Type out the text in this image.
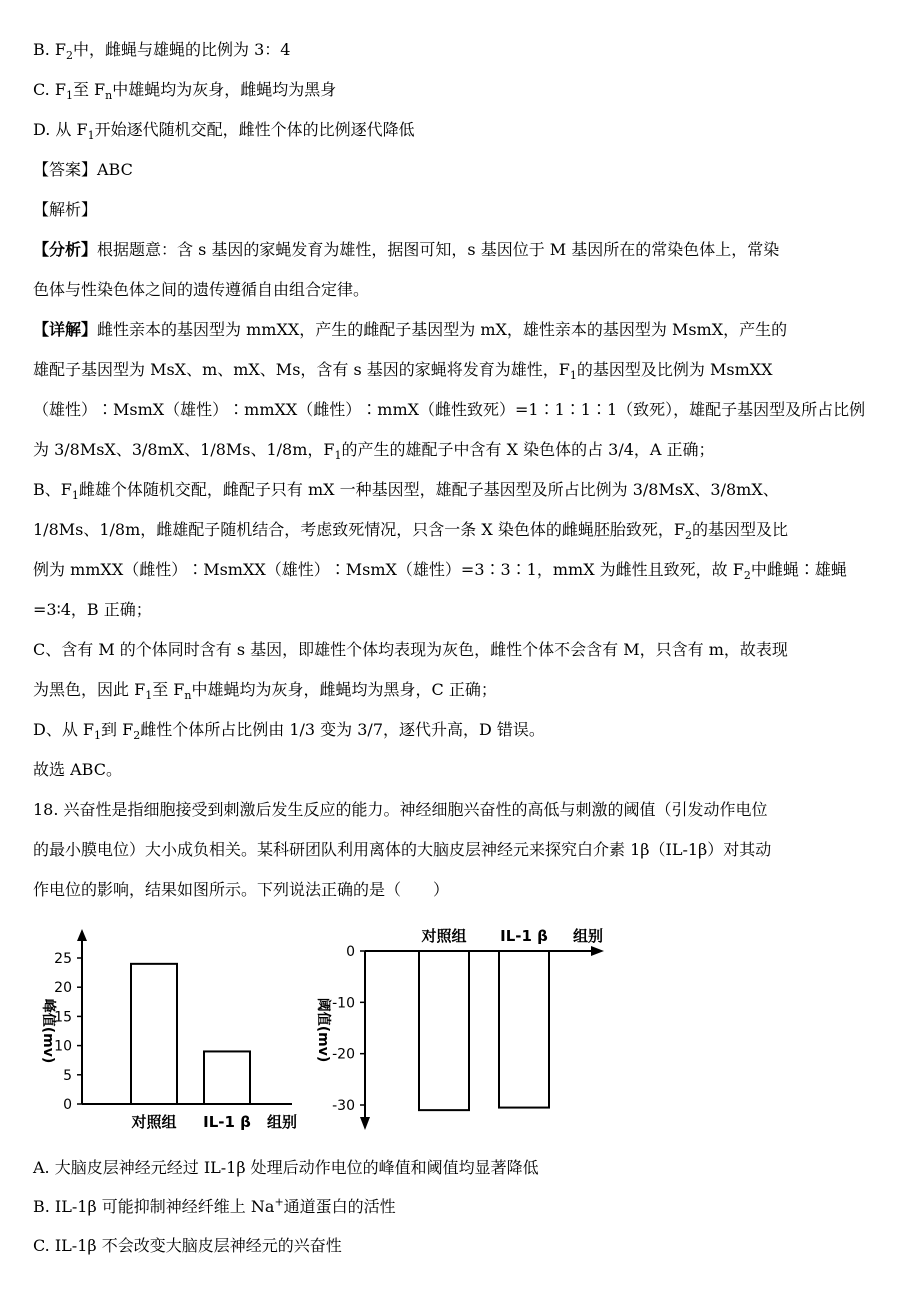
B. $F_2$中，雌蝇与雄蝇的比例为 3：4
C. $F_1$至 $F_n$中雄蝇均为灰身，雌蝇均为黑身
D. 从 $F_1$开始逐代随机交配，雌性个体的比例逐代降低
【答案】ABC
【解析】
【分析】根据题意：含 s 基因的家蝇发育为雄性，据图可知，s 基因位于 M 基因所在的常染色体上，常染
色体与性染色体之间的遗传遵循自由组合定律。
【详解】雌性亲本的基因型为 mmXX，产生的雌配子基因型为 mX，雄性亲本的基因型为 MsmX，产生的
雄配子基因型为 MsX、m、mX、Ms，含有 s 基因的家蝇将发育为雄性，$F_1$的基因型及比例为 MsmXX
（雄性）∶MsmX（雄性）∶mmXX（雌性）∶mmX（雌性致死）=1∶1∶1∶1（致死），雄配子基因型及所占比例
为 3/8MsX、3/8mX、1/8Ms、1/8m，$F_1$的产生的雄配子中含有 X 染色体的占 3/4，A 正确；
B、$F_1$雌雄个体随机交配，雌配子只有 mX 一种基因型，雄配子基因型及所占比例为 3/8MsX、3/8mX、
1/8Ms、1/8m，雌雄配子随机结合，考虑致死情况，只含一条 X 染色体的雌蝇胚胎致死，$F_2$的基因型及比
例为 mmXX（雌性）∶MsmXX（雄性）∶MsmX（雄性）=3∶3∶1，mmX 为雌性且致死，故 $F_2$中雌蝇∶雄蝇
=3∶4，B 正确；
C、含有 M 的个体同时含有 s 基因，即雄性个体均表现为灰色，雌性个体不会含有 M，只含有 m，故表现
为黑色，因此 $F_1$至 $F_n$中雄蝇均为灰身，雌蝇均为黑身，C 正确；
D、从 $F_1$到 $F_2$雌性个体所占比例由 1/3 变为 3/7，逐代升高，D 错误。
故选 ABC。
18. 兴奋性是指细胞接受到刺激后发生反应的能力。神经细胞兴奋性的高低与刺激的阈值（引发动作电位
的最小膜电位）大小成负相关。某科研团队利用离体的大脑皮层神经元来探究白介素 1β（IL-1β）对其动
作电位的影响，结果如图所示。下列说法正确的是（　　）
A. 大脑皮层神经元经过 IL-1β 处理后动作电位的峰值和阈值均显著降低
B. IL-1β 可能抑制神经纤维上 Na+通道蛋白的活性
C. IL-1β 不会改变大脑皮层神经元的兴奋性
0
5
10
15
20
25
对照组 IL-1 β 组别
峰值(mv)
0
-10
-20
-30
对照组 IL-1 β 组别
阈值(mv)
